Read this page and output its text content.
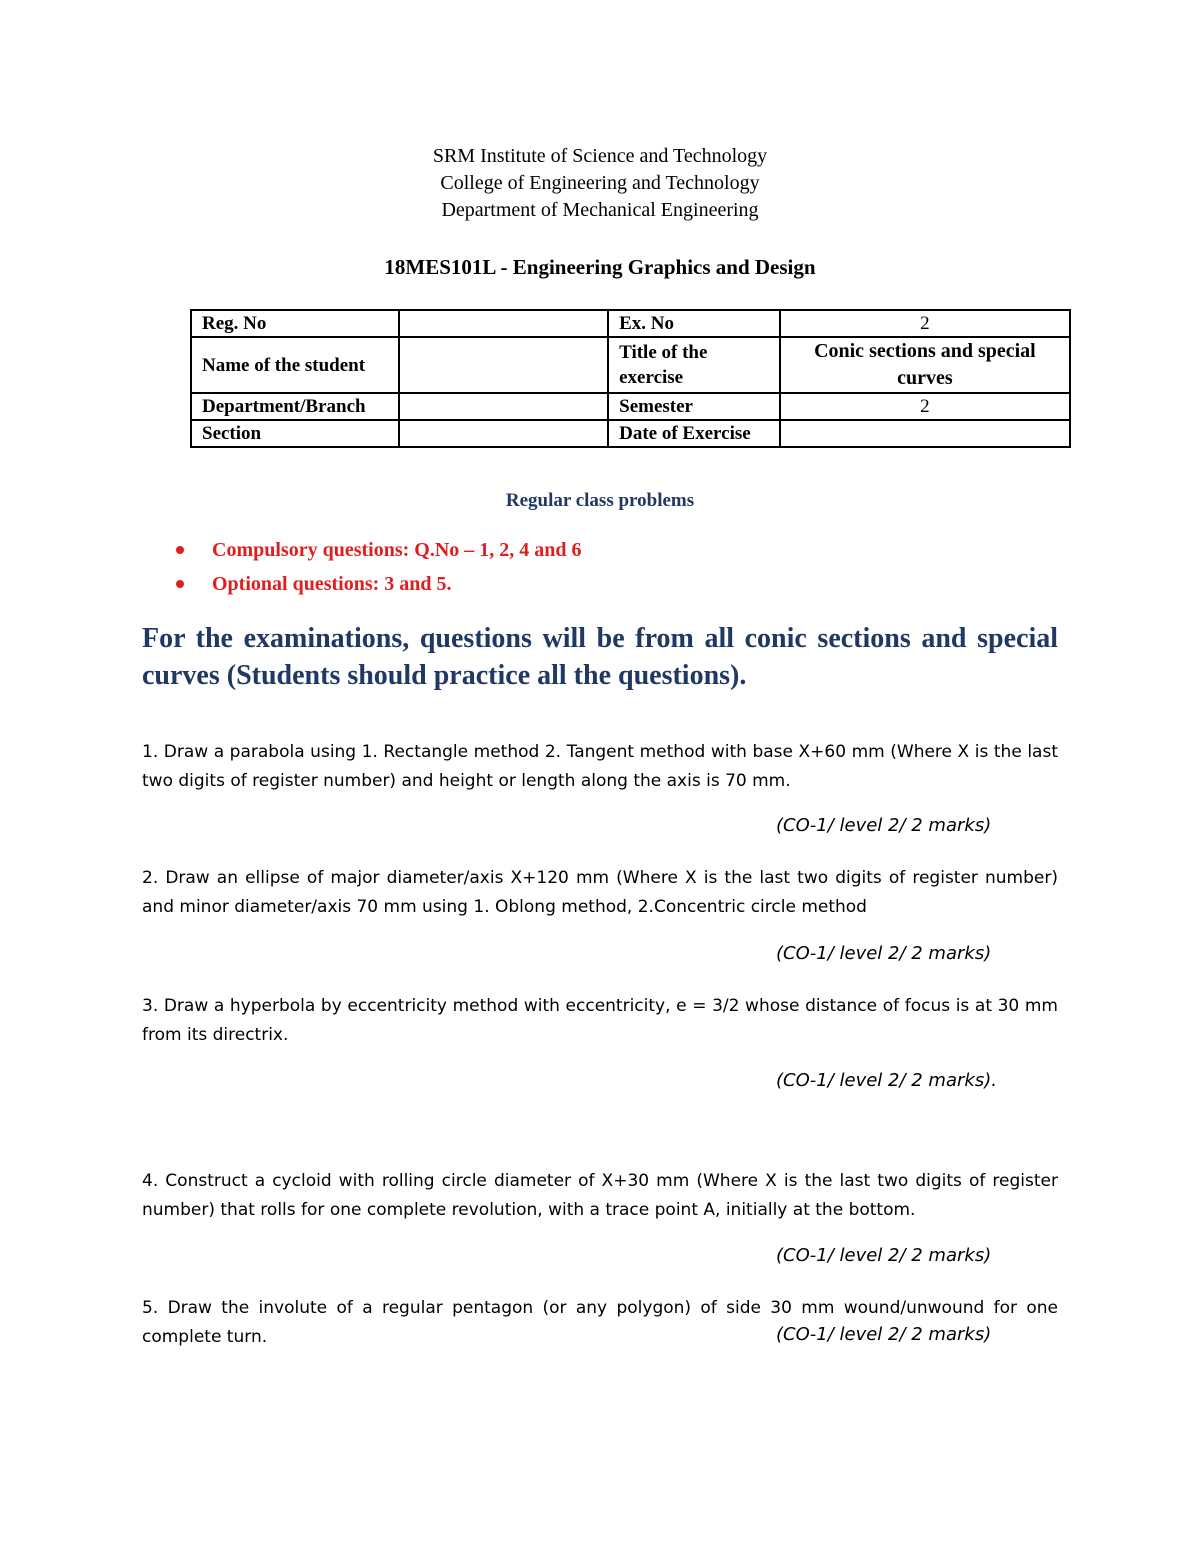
SRM Institute of Science and Technology
College of Engineering and Technology
Department of Mechanical Engineering
18MES101L - Engineering Graphics and Design
Reg. No		Ex. No	2
Name of the student		Title of the exercise	Conic sections and special curves
Department/Branch		Semester	2
Section		Date of Exercise	
Regular class problems
Compulsory questions: Q.No – 1, 2, 4 and 6
Optional questions: 3 and 5.
For the examinations, questions will be from all conic sections and special curves (Students should practice all the questions).
1. Draw a parabola using 1. Rectangle method 2. Tangent method with base X+60 mm (Where X is the last two digits of register number) and height or length along the axis is 70 mm.
(CO-1/ level 2/ 2 marks)
2. Draw an ellipse of major diameter/axis X+120 mm (Where X is the last two digits of register number) and minor diameter/axis 70 mm using 1. Oblong method, 2.Concentric circle method
(CO-1/ level 2/ 2 marks)
3. Draw a hyperbola by eccentricity method with eccentricity, e = 3/2 whose distance of focus is at 30 mm from its directrix.
(CO-1/ level 2/ 2 marks).
4. Construct a cycloid with rolling circle diameter of X+30 mm (Where X is the last two digits of register number) that rolls for one complete revolution, with a trace point A, initially at the bottom.
(CO-1/ level 2/ 2 marks)
5. Draw the involute of a regular pentagon (or any polygon) of side 30 mm wound/unwound for one complete turn.	(CO-1/ level 2/ 2 marks)
